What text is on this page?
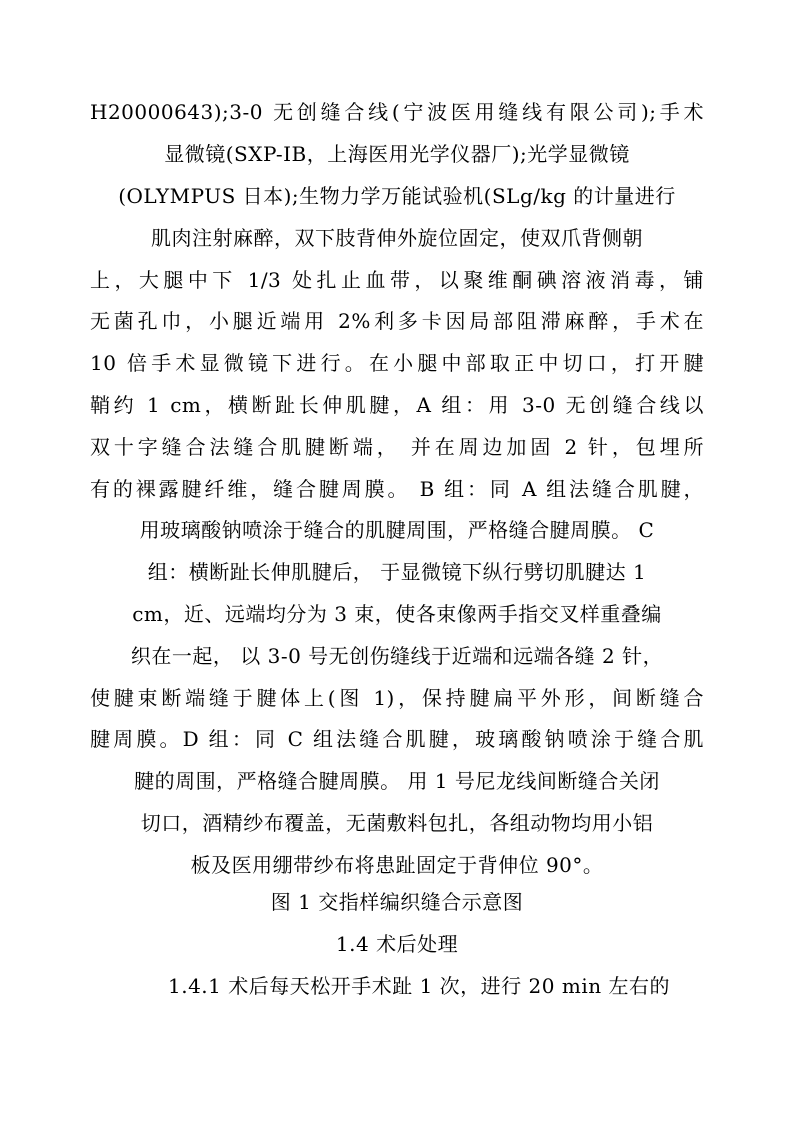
H20000643);3-0 无创缝合线(宁波医用缝线有限公司);手术
显微镜(SXP-IB，上海医用光学仪器厂);光学显微镜
(OLYMPUS 日本);生物力学万能试验机(SLg/kg 的计量进行
肌肉注射麻醉，双下肢背伸外旋位固定，使双爪背侧朝
上，大腿中下 1/3 处扎止血带，以聚维酮碘溶液消毒，铺
无菌孔巾，小腿近端用 2%利多卡因局部阻滞麻醉，手术在
10 倍手术显微镜下进行。在小腿中部取正中切口，打开腱
鞘约 1 cm，横断趾长伸肌腱，A 组：用 3-0 无创缝合线以
双十字缝合法缝合肌腱断端， 并在周边加固 2 针，包埋所
有的裸露腱纤维，缝合腱周膜。 B 组：同 A 组法缝合肌腱，
用玻璃酸钠喷涂于缝合的肌腱周围，严格缝合腱周膜。 C
组：横断趾长伸肌腱后， 于显微镜下纵行劈切肌腱达 1
cm，近、远端均分为 3 束，使各束像两手指交叉样重叠编
织在一起， 以 3-0 号无创伤缝线于近端和远端各缝 2 针，
使腱束断端缝于腱体上(图 1)，保持腱扁平外形，间断缝合
腱周膜。D 组：同 C 组法缝合肌腱，玻璃酸钠喷涂于缝合肌
腱的周围，严格缝合腱周膜。 用 1 号尼龙线间断缝合关闭
切口，酒精纱布覆盖，无菌敷料包扎，各组动物均用小铝
板及医用绷带纱布将患趾固定于背伸位 90°。
图 1 交指样编织缝合示意图
1.4 术后处理
1.4.1 术后每天松开手术趾 1 次，进行 20 min 左右的
